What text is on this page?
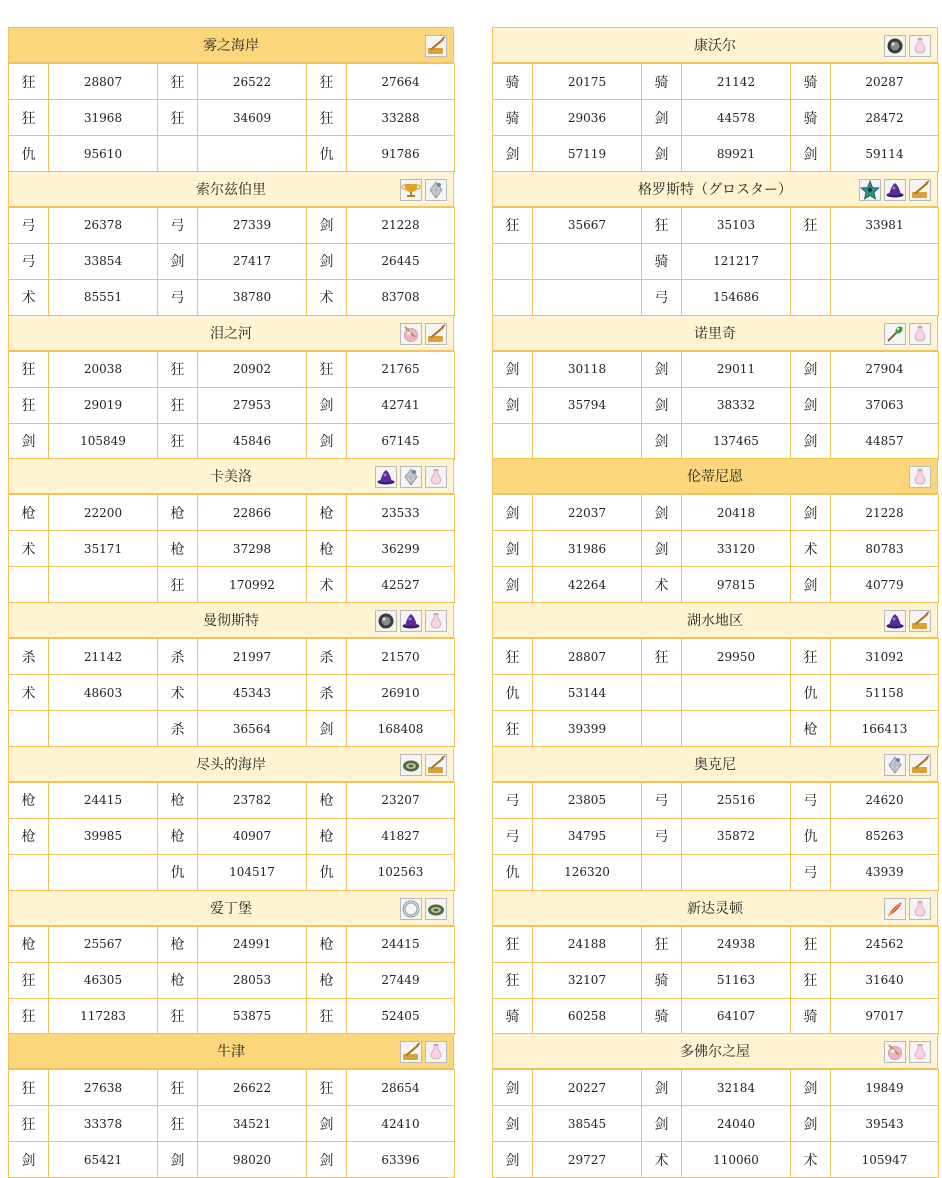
雾之海岸
狂	28807	狂	26522	狂	27664
狂	31968	狂	34609	狂	33288
仇	95610			仇	91786
康沃尔
骑	20175	骑	21142	骑	20287
骑	29036	剑	44578	骑	28472
剑	57119	剑	89921	剑	59114
索尔兹伯里
弓	26378	弓	27339	剑	21228
弓	33854	剑	27417	剑	26445
术	85551	弓	38780	术	83708
格罗斯特（グロスター）
狂	35667	狂	35103	狂	33981
		骑	121217		
		弓	154686		
泪之河
狂	20038	狂	20902	狂	21765
狂	29019	狂	27953	剑	42741
剑	105849	狂	45846	剑	67145
诺里奇
剑	30118	剑	29011	剑	27904
剑	35794	剑	38332	剑	37063
		剑	137465	剑	44857
卡美洛
枪	22200	枪	22866	枪	23533
术	35171	枪	37298	枪	36299
		狂	170992	术	42527
伦蒂尼恩
剑	22037	剑	20418	剑	21228
剑	31986	剑	33120	术	80783
剑	42264	术	97815	剑	40779
曼彻斯特
杀	21142	杀	21997	杀	21570
术	48603	术	45343	杀	26910
		杀	36564	剑	168408
湖水地区
狂	28807	狂	29950	狂	31092
仇	53144			仇	51158
狂	39399			枪	166413
尽头的海岸
枪	24415	枪	23782	枪	23207
枪	39985	枪	40907	枪	41827
		仇	104517	仇	102563
奥克尼
弓	23805	弓	25516	弓	24620
弓	34795	弓	35872	仇	85263
仇	126320			弓	43939
爱丁堡
枪	25567	枪	24991	枪	24415
狂	46305	枪	28053	枪	27449
狂	117283	狂	53875	狂	52405
新达灵顿
狂	24188	狂	24938	狂	24562
狂	32107	骑	51163	狂	31640
骑	60258	骑	64107	骑	97017
牛津
狂	27638	狂	26622	狂	28654
狂	33378	狂	34521	剑	42410
剑	65421	剑	98020	剑	63396
多佛尔之屋
剑	20227	剑	32184	剑	19849
剑	38545	剑	24040	剑	39543
剑	29727	术	110060	术	105947
